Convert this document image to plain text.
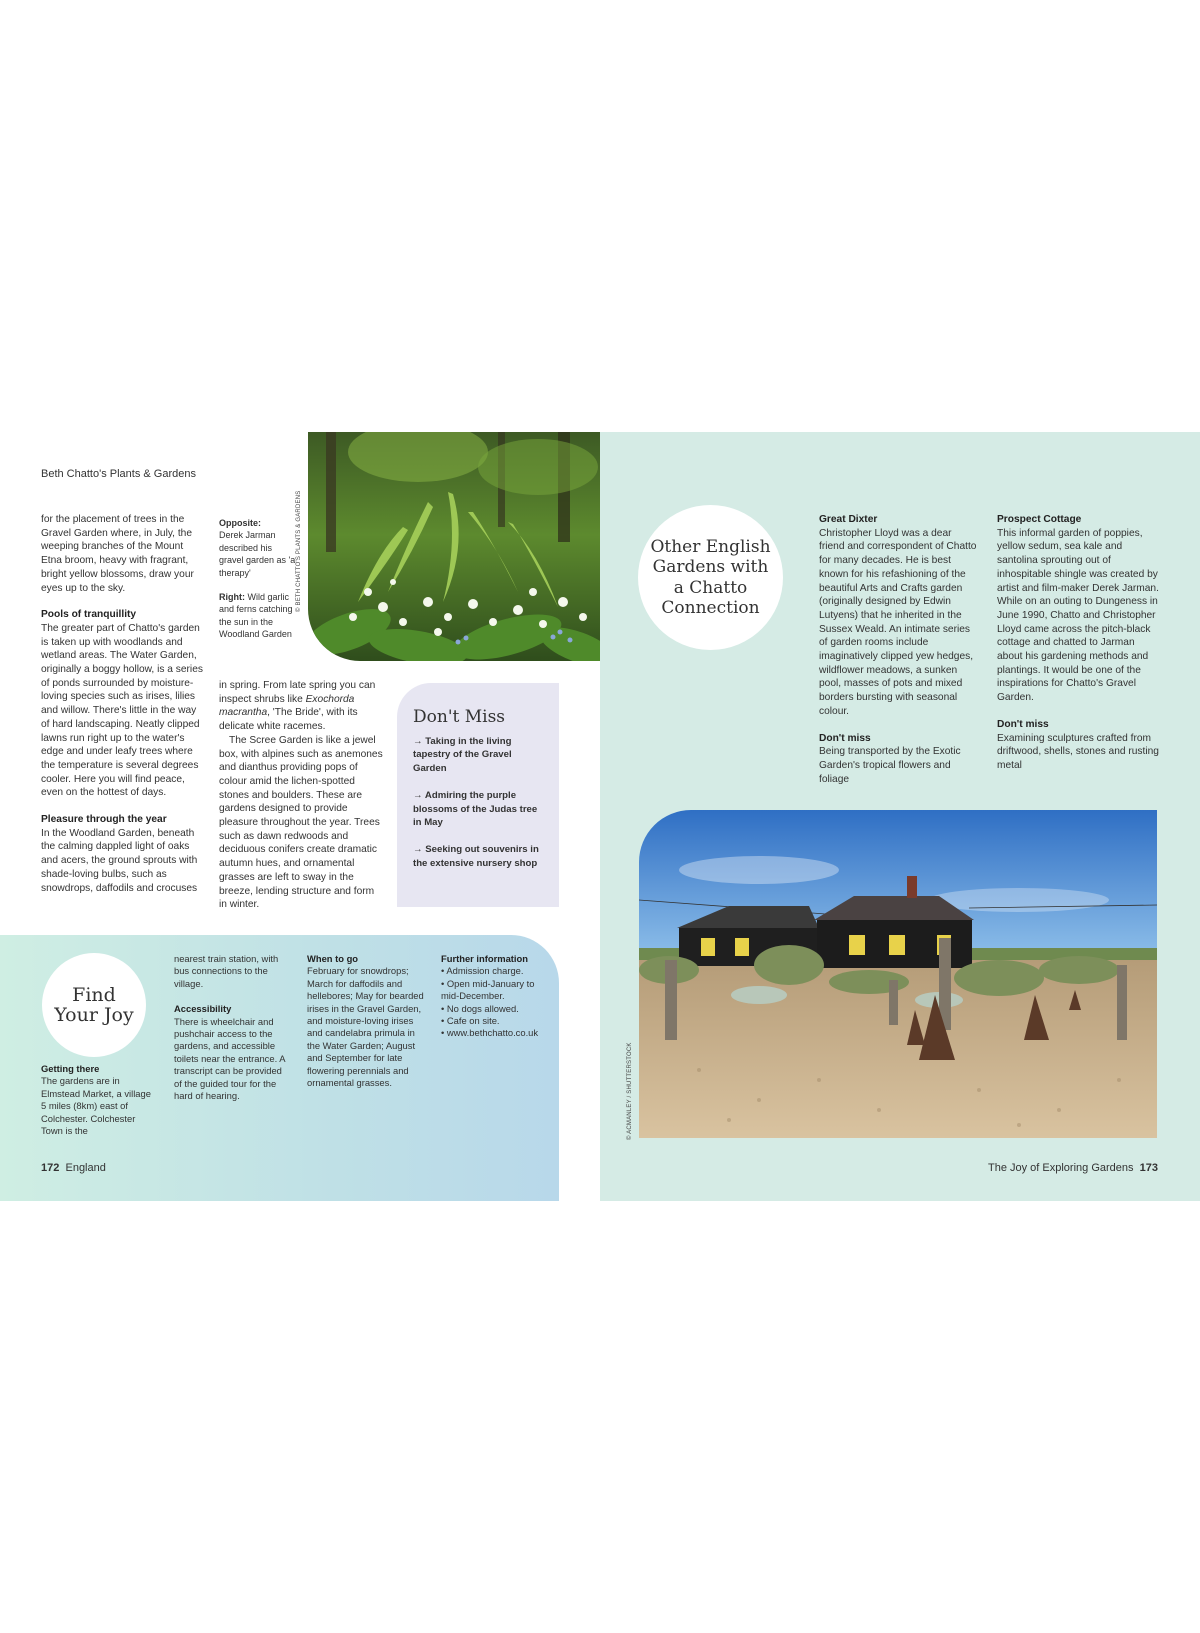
Beth Chatto's Plants & Gardens

for the placement of trees in the Gravel Garden where, in July, the weeping branches of the Mount Etna broom, heavy with fragrant, bright yellow blossoms, draw your eyes up to the sky.

Pools of tranquillity

The greater part of Chatto's garden is taken up with woodlands and wetland areas. The Water Garden, originally a boggy hollow, is a series of ponds surrounded by moisture-loving species such as irises, lilies and willow. There's little in the way of hard landscaping. Neatly clipped lawns run right up to the water's edge and under leafy trees where the temperature is several degrees cooler. Here you will find peace, even on the hottest of days.

Pleasure through the year

In the Woodland Garden, beneath the calming dappled light of oaks and acers, the ground sprouts with shade-loving bulbs, such as snowdrops, daffodils and crocuses

Opposite:
Derek Jarman described his gravel garden as 'a therapy'
Right: Wild garlic and ferns catching the sun in the Woodland Garden
© BETH CHATTO'S PLANTS & GARDENS

in spring. From late spring you can inspect shrubs like Exochorda macrantha, 'The Bride', with its delicate white racemes.

The Scree Garden is like a jewel box, with alpines such as anemones and dianthus providing pops of colour amid the lichen-spotted stones and boulders. These are gardens designed to provide pleasure throughout the year. Trees such as dawn redwoods and deciduous conifers create dramatic autumn hues, and ornamental grasses are left to sway in the breeze, lending structure and form in winter.

Don't Miss
→ Taking in the living tapestry of the Gravel Garden
→ Admiring the purple blossoms of the Judas tree in May
→ Seeking out souvenirs in the extensive nursery shop
Find
Your Joy

Getting there

The gardens are in Elmstead Market, a village 5 miles (8km) east of Colchester. Colchester Town is the

nearest train station, with bus connections to the village.

Accessibility

There is wheelchair and pushchair access to the gardens, and accessible toilets near the entrance. A transcript can be provided of the guided tour for the hard of hearing.

When to go

February for snowdrops; March for daffodils and hellebores; May for bearded irises in the Gravel Garden, and moisture-loving irises and candelabra primula in the Water Garden; August and September for late flowering perennials and ornamental grasses.

Further information

• Admission charge.

• Open mid-January to mid-December.

• No dogs allowed.

• Cafe on site.

• www.bethchatto.co.uk

172 England
Other English Gardens with a Chatto Connection

Great Dixter

Christopher Lloyd was a dear friend and correspondent of Chatto for many decades. He is best known for his refashioning of the beautiful Arts and Crafts garden (originally designed by Edwin Lutyens) that he inherited in the Sussex Weald. An intimate series of garden rooms include imaginatively clipped yew hedges, wildflower meadows, a sunken pool, masses of pots and mixed borders bursting with seasonal colour.

Don't miss

Being transported by the Exotic Garden's tropical flowers and foliage

Prospect Cottage

This informal garden of poppies, yellow sedum, sea kale and santolina sprouting out of inhospitable shingle was created by artist and film-maker Derek Jarman. While on an outing to Dungeness in June 1990, Chatto and Christopher Lloyd came across the pitch-black cottage and chatted to Jarman about his gardening methods and plantings. It would be one of the inspirations for Chatto's Gravel Garden.

Don't miss

Examining sculptures crafted from driftwood, shells, stones and rusting metal

© ACMANLEY / SHUTTERSTOCK
The Joy of Exploring Gardens 173
